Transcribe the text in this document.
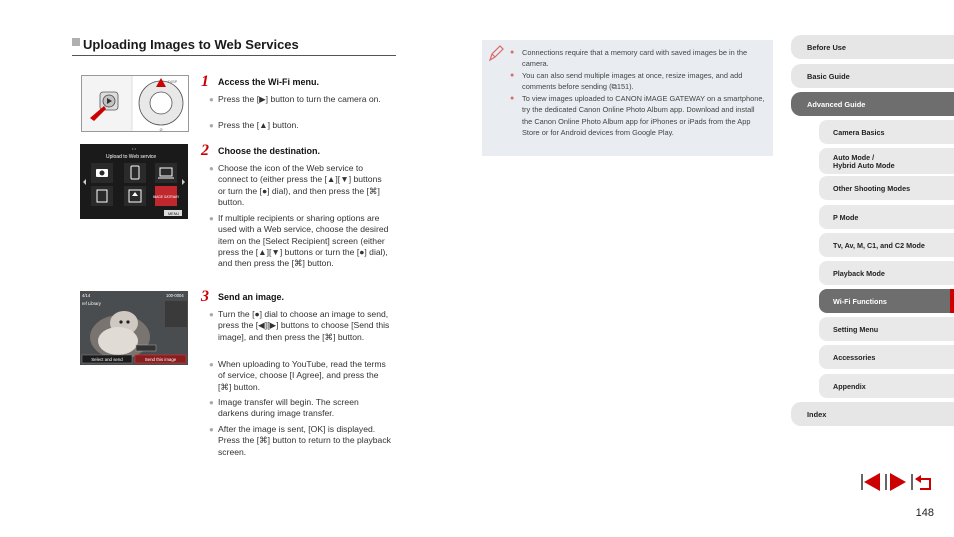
Uploading Images to Web Services
⊘
DISP
• •
Upload to Web service
IMAGE GATEWAY
MENU
4/14	100-0004
ref Library
Select and send	Send this image
1 Access the Wi-Fi menu.
● Press the [▶] button to turn the camera on.
● Press the [▲] button.
2 Choose the destination.
● Choose the icon of the Web service to connect to (either press the [▲][▼] buttons or turn the [●] dial), and then press the [⌘] button.
● If multiple recipients or sharing options are used with a Web service, choose the desired item on the [Select Recipient] screen (either press the [▲][▼] buttons or turn the [●] dial), and then press the [⌘] button.
3 Send an image.
● Turn the [●] dial to choose an image to send, press the [◀][▶] buttons to choose [Send this image], and then press the [⌘] button.
● When uploading to YouTube, read the terms of service, choose [I Agree], and press the [⌘] button.
● Image transfer will begin. The screen darkens during image transfer.
● After the image is sent, [OK] is displayed. Press the [⌘] button to return to the playback screen.
● Connections require that a memory card with saved images be in the camera.
● You can also send multiple images at once, resize images, and add comments before sending (⧉151).
● To view images uploaded to CANON iMAGE GATEWAY on a smartphone, try the dedicated Canon Online Photo Album app. Download and install the Canon Online Photo Album app for iPhones or iPads from the App Store or for Android devices from Google Play.
Before Use
Basic Guide
Advanced Guide
Camera Basics
Auto Mode /
Hybrid Auto Mode
Other Shooting Modes
P Mode
Tv, Av, M, C1, and C2 Mode
Playback Mode
Wi-Fi Functions
Setting Menu
Accessories
Appendix
Index
148
